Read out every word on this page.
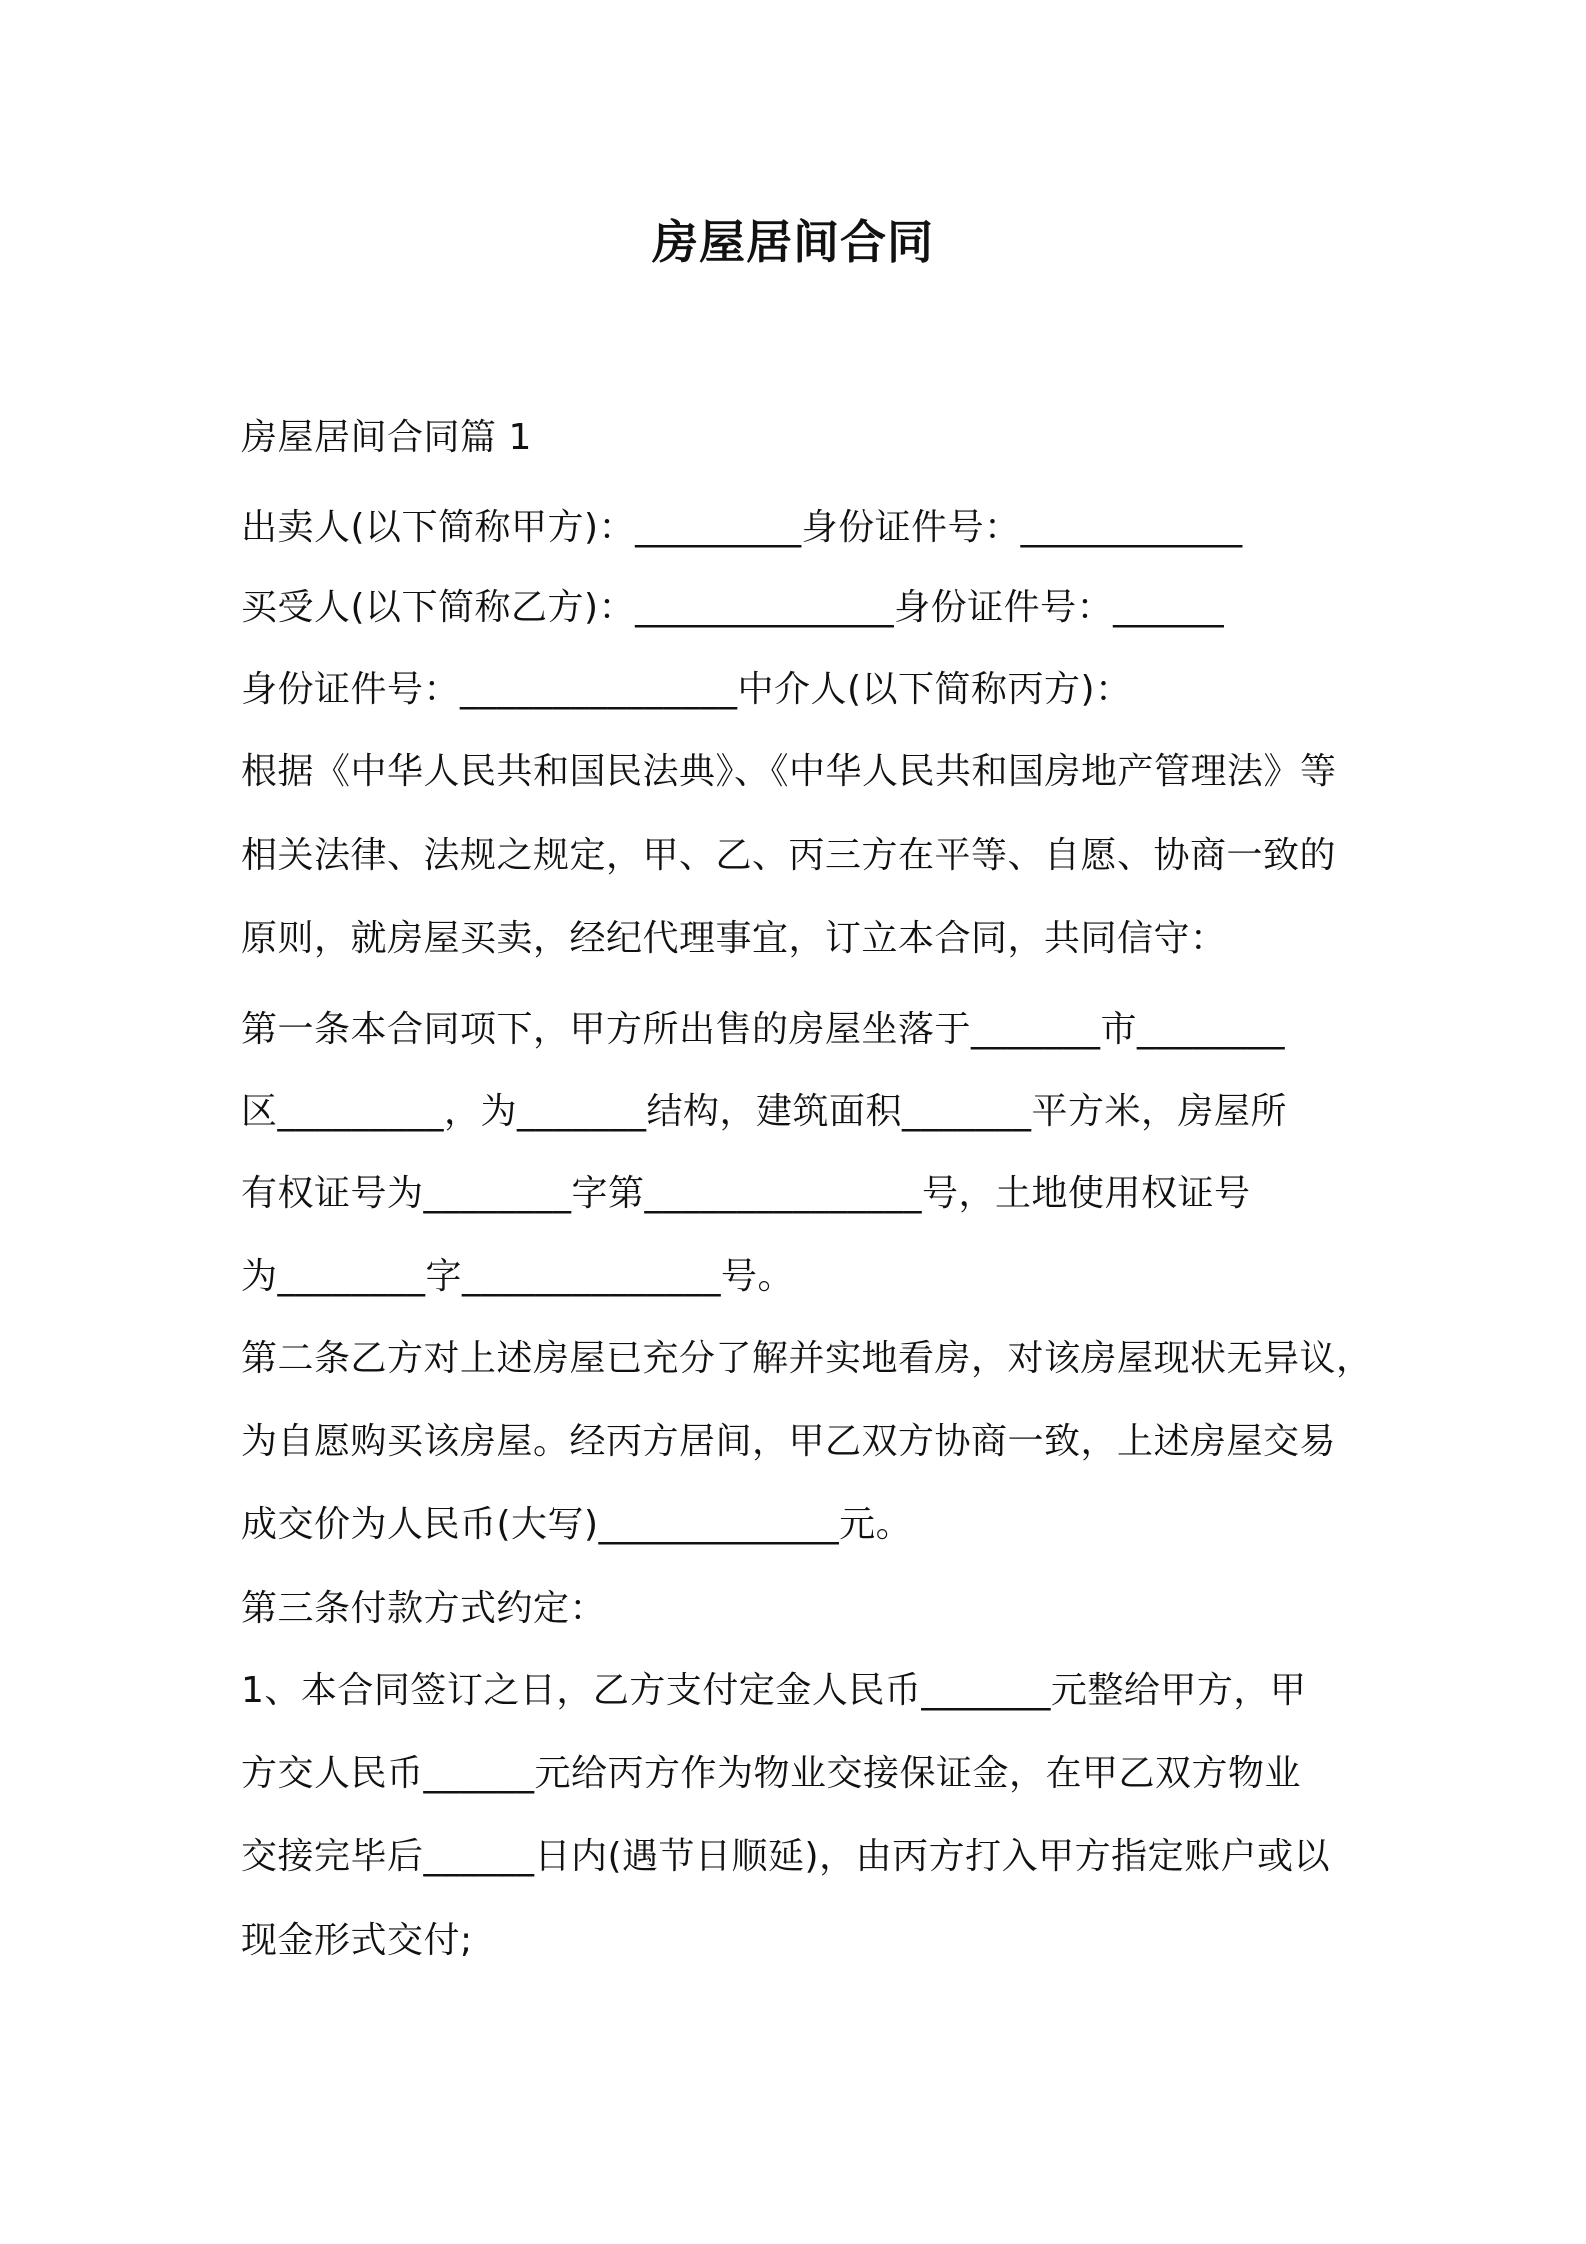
房屋居间合同
房屋居间合同篇 1
出卖人(以下简称甲方)：_________身份证件号：____________
买受人(以下简称乙方)：______________身份证件号：______
身份证件号：_______________中介人(以下简称丙方)：
根据《中华人民共和国民法典》、《中华人民共和国房地产管理法》等
相关法律、法规之规定，甲、乙、丙三方在平等、自愿、协商一致的
原则，就房屋买卖，经纪代理事宜，订立本合同，共同信守：
第一条本合同项下，甲方所出售的房屋坐落于_______市________
区_________，为_______结构，建筑面积_______平方米，房屋所
有权证号为________字第_______________号，土地使用权证号
为________字______________号。
第二条乙方对上述房屋已充分了解并实地看房，对该房屋现状无异议，
为自愿购买该房屋。经丙方居间，甲乙双方协商一致，上述房屋交易
成交价为人民币(大写)_____________元。
第三条付款方式约定：
1、本合同签订之日，乙方支付定金人民币_______元整给甲方，甲
方交人民币______元给丙方作为物业交接保证金，在甲乙双方物业
交接完毕后______日内(遇节日顺延)，由丙方打入甲方指定账户或以
现金形式交付;
